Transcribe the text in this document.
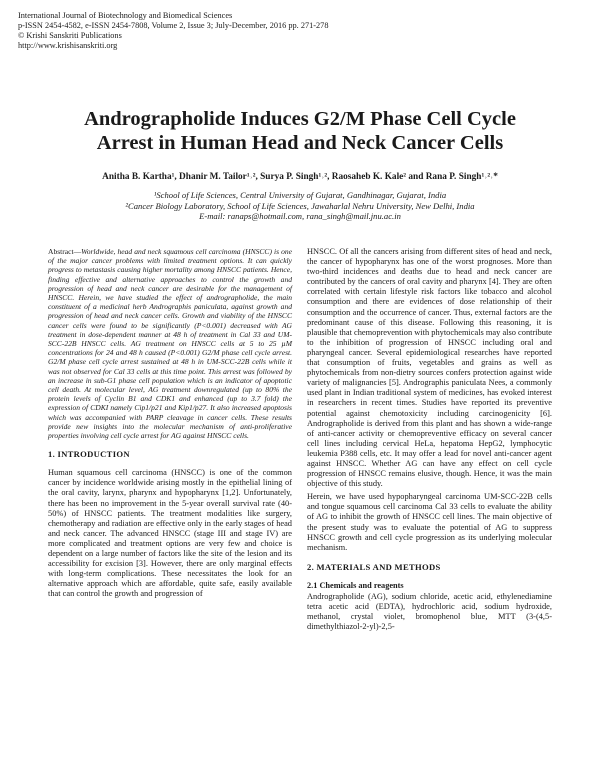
International Journal of Biotechnology and Biomedical Sciences
p-ISSN 2454-4582, e-ISSN 2454-7808, Volume 2, Issue 3; July-December, 2016 pp. 271-278
© Krishi Sanskriti Publications
http://www.krishisanskriti.org
Andrographolide Induces G2/M Phase Cell Cycle
Arrest in Human Head and Neck Cancer Cells
Anitha B. Kartha¹, Dhanir M. Tailor¹˒², Surya P. Singh¹˒², Raosaheb K. Kale² and Rana P. Singh¹˒²˒*
¹School of Life Sciences, Central University of Gujarat, Gandhinagar, Gujarat, India
²Cancer Biology Laboratory, School of Life Sciences, Jawaharlal Nehru University, New Delhi, India
E-mail: ranaps@hotmail.com, rana_singh@mail.jnu.ac.in

Abstract—Worldwide, head and neck squamous cell carcinoma (HNSCC) is one of the major cancer problems with limited treatment options. It can quickly progress to metastasis causing higher mortality among HNSCC patients. Hence, finding effective and alternative approaches to control the growth and progression of head and neck cancer are desirable for the management of HNSCC. Herein, we have studied the effect of andrographolide, the main constituent of a medicinal herb Andrographis paniculata, against growth and progression of head and neck cancer cells. Growth and viability of the HNSCC cancer cells were found to be significantly (P<0.001) decreased with AG treatment in dose-dependent manner at 48 h of treatment in Cal 33 and UM-SCC-22B HNSCC cells. AG treatment on HNSCC cells at 5 to 25 µM concentrations for 24 and 48 h caused (P<0.001) G2/M phase cell cycle arrest. G2/M phase cell cycle arrest sustained at 48 h in UM-SCC-22B cells while it was not observed for Cal 33 cells at this time point. This arrest was followed by an increase in sub-G1 phase cell population which is an indicator of apoptotic cell death. At molecular level, AG treatment downregulated (up to 80% the protein levels of Cyclin B1 and CDK1 and enhanced (up to 3.7 fold) the expression of CDKI namely Cip1/p21 and Kip1/p27. It also increased apoptosis which was accompanied with PARP cleavage in cancer cells. These results provide new insights into the molecular mechanism of anti-proliferative properties involving cell cycle arrest for AG against HNSCC cells.

1. INTRODUCTION

Human squamous cell carcinoma (HNSCC) is one of the common cancer by incidence worldwide arising mostly in the epithelial lining of the oral cavity, larynx, pharynx and hypopharynx [1,2]. Unfortunately, there has been no improvement in the 5-year overall survival rate (40-50%) of HNSCC patients. The treatment modalities like surgery, chemotherapy and radiation are effective only in the early stages of head and neck cancer. The advanced HNSCC (stage III and stage IV) are more complicated and treatment options are very few and choice is dependent on a large number of factors like the site of the lesion and its accessibility for excision [3]. However, there are only marginal effects with long-term complications. These necessitates the look for an alternative approach which are affordable, quite safe, easily available that can control the growth and progression of

HNSCC. Of all the cancers arising from different sites of head and neck, the cancer of hypopharynx has one of the worst prognoses. More than two-third incidences and deaths due to head and neck cancer are contributed by the cancers of oral cavity and pharynx [4]. They are often correlated with certain lifestyle risk factors like tobacco and alcohol consumption and there are evidences of dose relationship of their consumption and the occurrence of cancer. Thus, external factors are the predominant cause of this disease. Following this reasoning, it is plausible that chemoprevention with phytochemicals may also contribute to the inhibition of progression of HNSCC including oral and pharyngeal cancer. Several epidemiological researches have reported that consumption of fruits, vegetables and grains as well as phytochemicals from non-dietry sources confers protection against wide variety of malignancies [5]. Andrographis paniculata Nees, a commonly used plant in Indian traditional system of medicines, has evoked interest in researchers in recent times. Studies have reported its preventive potential against chemotoxicity including carcinogenicity [6]. Andrographolide is derived from this plant and has shown a wide-range of anti-cancer activity or chemopreventive efficacy on several cancer cell lines including cervical HeLa, hepatoma HepG2, lymphocytic leukemia P388 cells, etc. It may offer a lead for novel anti-cancer agent against HNSCC. Whether AG can have any effect on cell cycle progression of HNSCC remains elusive, though. Hence, it was the main objective of this study.

Herein, we have used hypopharyngeal carcinoma UM-SCC-22B cells and tongue squamous cell carcinoma Cal 33 cells to evaluate the ability of AG to inhibit the growth of HNSCC cell lines. The main objective of the present study was to evaluate the potential of AG to suppress HNSCC growth and cell cycle progression as its underlying molecular mechanism.

2. MATERIALS AND METHODS
2.1 Chemicals and reagents

Andrographolide (AG), sodium chloride, acetic acid, ethylenediamine tetra acetic acid (EDTA), hydrochloric acid, sodium hydroxide, methanol, crystal violet, bromophenol blue, MTT (3-(4,5-dimethylthiazol-2-yl)-2,5-
